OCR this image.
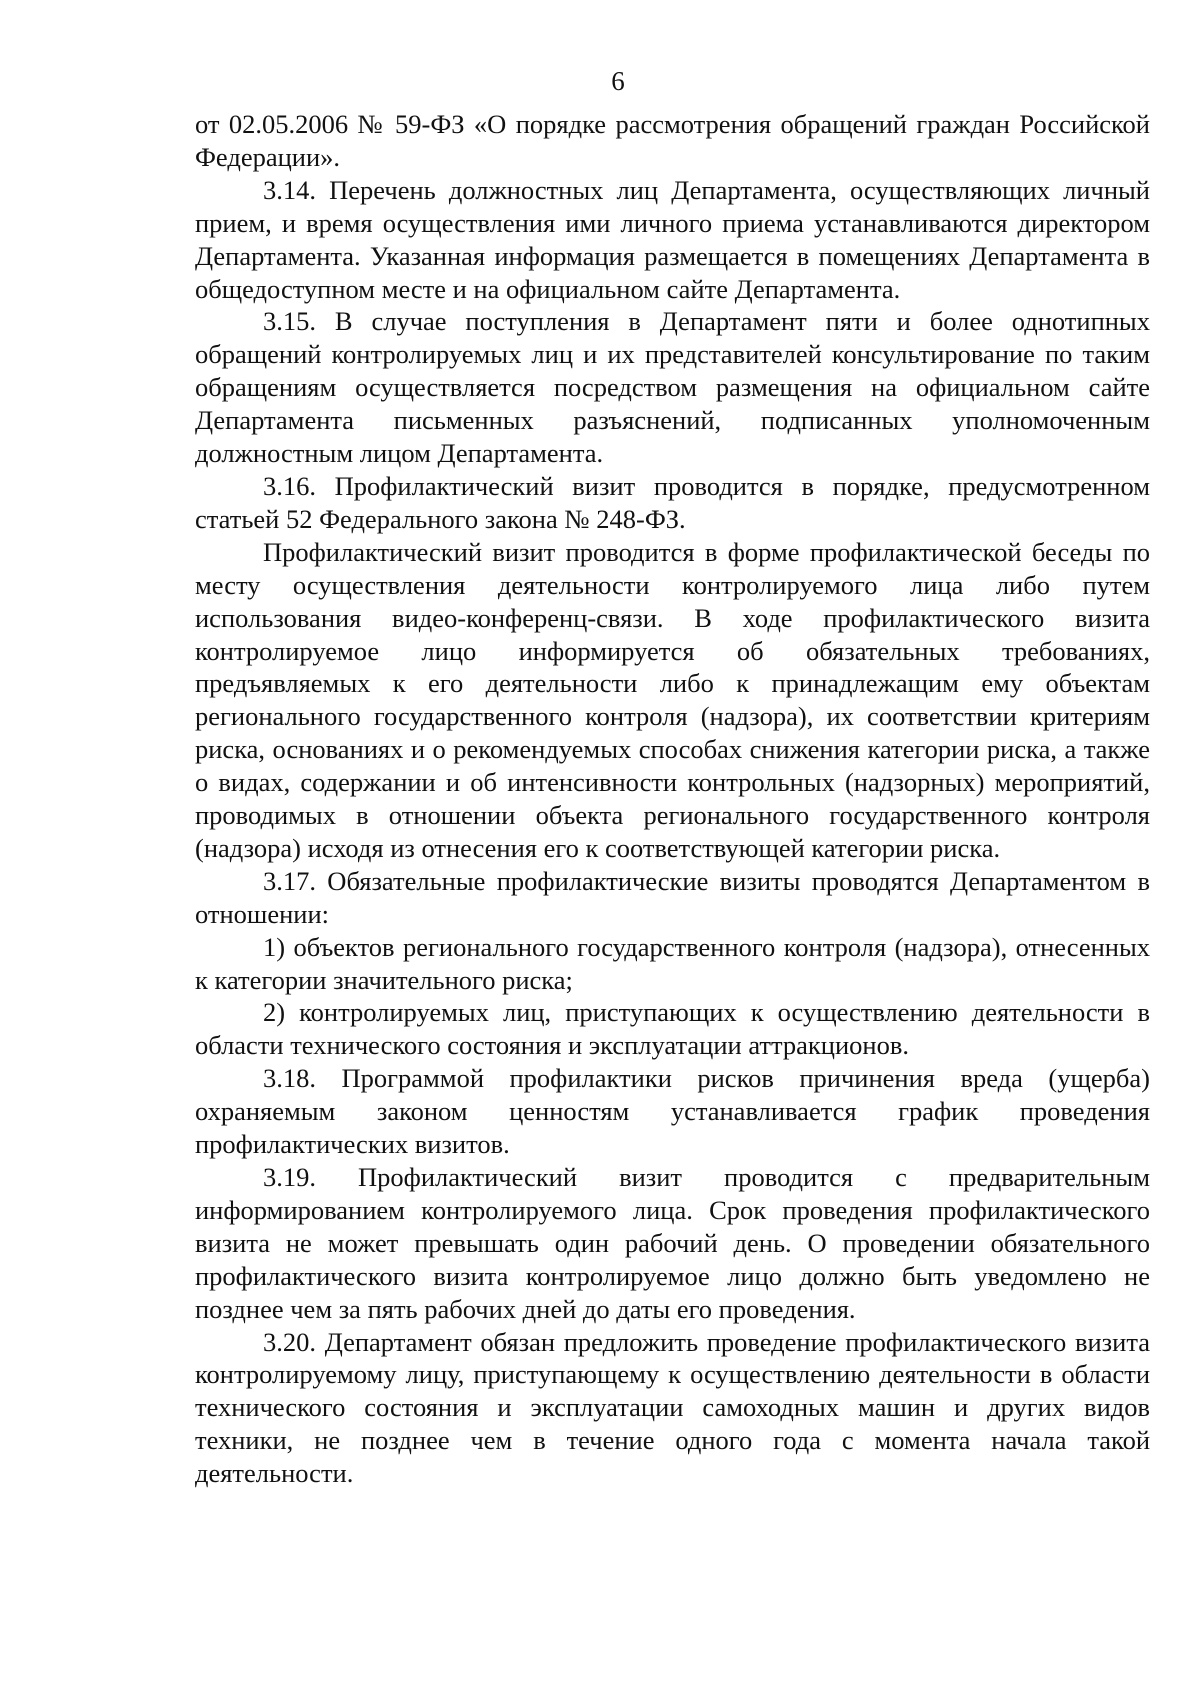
6

от 02.05.2006 № 59-ФЗ «О порядке рассмотрения обращений граждан Российской Федерации».

3.14. Перечень должностных лиц Департамента, осуществляющих личный прием, и время осуществления ими личного приема устанавливаются директором Департамента. Указанная информация размещается в помещениях Департамента в общедоступном месте и на официальном сайте Департамента.

3.15. В случае поступления в Департамент пяти и более однотипных обращений контролируемых лиц и их представителей консультирование по таким обращениям осуществляется посредством размещения на официальном сайте Департамента письменных разъяснений, подписанных уполномоченным должностным лицом Департамента.

3.16. Профилактический визит проводится в порядке, предусмотренном статьей 52 Федерального закона № 248-ФЗ.

Профилактический визит проводится в форме профилактической беседы по месту осуществления деятельности контролируемого лица либо путем использования видео-конференц-связи. В ходе профилактического визита контролируемое лицо информируется об обязательных требованиях, предъявляемых к его деятельности либо к принадлежащим ему объектам регионального государственного контроля (надзора), их соответствии критериям риска, основаниях и о рекомендуемых способах снижения категории риска, а также о видах, содержании и об интенсивности контрольных (надзорных) мероприятий, проводимых в отношении объекта регионального государственного контроля (надзора) исходя из отнесения его к соответствующей категории риска.

3.17. Обязательные профилактические визиты проводятся Департаментом в отношении:

1) объектов регионального государственного контроля (надзора), отнесенных к категории значительного риска;

2) контролируемых лиц, приступающих к осуществлению деятельности в области технического состояния и эксплуатации аттракционов.

3.18. Программой профилактики рисков причинения вреда (ущерба) охраняемым законом ценностям устанавливается график проведения профилактических визитов.

3.19. Профилактический визит проводится с предварительным информированием контролируемого лица. Срок проведения профилактического визита не может превышать один рабочий день. О проведении обязательного профилактического визита контролируемое лицо должно быть уведомлено не позднее чем за пять рабочих дней до даты его проведения.

3.20. Департамент обязан предложить проведение профилактического визита контролируемому лицу, приступающему к осуществлению деятельности в области технического состояния и эксплуатации самоходных машин и других видов техники, не позднее чем в течение одного года с момента начала такой деятельности.
